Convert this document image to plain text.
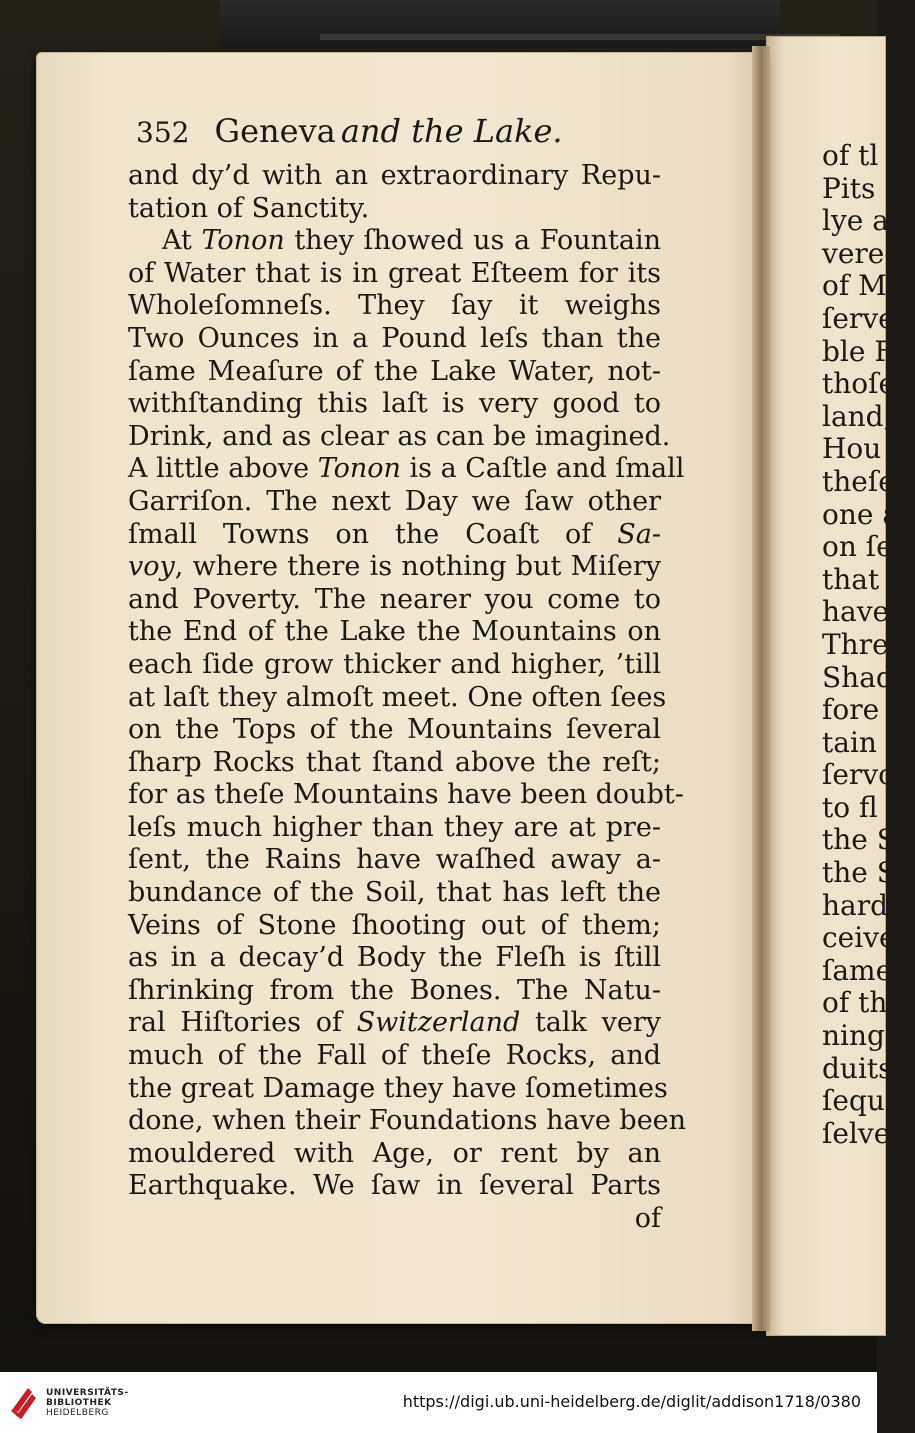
of tl
Pits
lye a
verec
of M
ſerve
ble F
thoſe
land,
Hou
theſe
one a
on ſe
that t
have
Thre
Shade
fore i
tain t
ſervo
to fl
the S
the S
harde
ceive
ſame
of th
ning
duits,
ſequer
ſelves
352 Geneva and the Lake.
and dy’d with an extraordinary Repu-
tation of Sanctity.
At Tonon they ſhowed us a Fountain
of Water that is in great Eſteem for its
Wholeſomneſs. They ſay it weighs
Two Ounces in a Pound leſs than the
ſame Meaſure of the Lake Water, not-
withſtanding this laſt is very good to
Drink, and as clear as can be imagined.
A little above Tonon is a Caſtle and ſmall
Garriſon. The next Day we ſaw other
ſmall Towns on the Coaſt of Sa-
voy, where there is nothing but Miſery
and Poverty. The nearer you come to
the End of the Lake the Mountains on
each ſide grow thicker and higher, ’till
at laſt they almoſt meet. One often ſees
on the Tops of the Mountains ſeveral
ſharp Rocks that ſtand above the reſt;
for as theſe Mountains have been doubt-
leſs much higher than they are at pre-
ſent, the Rains have waſhed away a-
bundance of the Soil, that has left the
Veins of Stone ſhooting out of them;
as in a decay’d Body the Fleſh is ſtill
ſhrinking from the Bones. The Natu-
ral Hiſtories of Switzerland talk very
much of the Fall of theſe Rocks, and
the great Damage they have ſometimes
done, when their Foundations have been
mouldered with Age, or rent by an
Earthquake. We ſaw in ſeveral Parts
of
UNIVERSITÄTS-
BIBLIOTHEK
HEIDELBERG
https://digi.ub.uni-heidelberg.de/diglit/addison1718/0380
